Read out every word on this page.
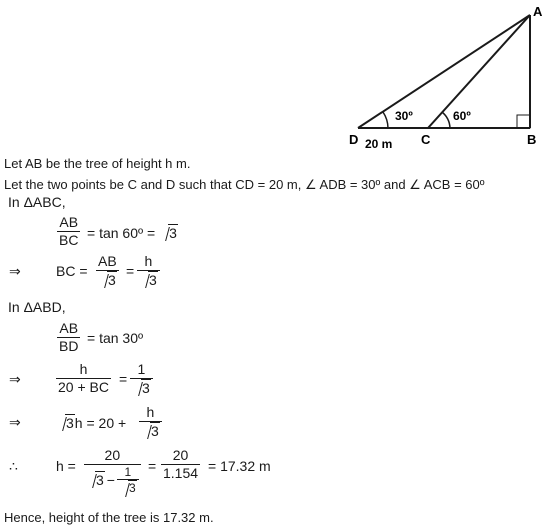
A
B
C
D
30º	60º
20 m
Let AB be the tree of height h m.
Let the two points be C and D such that CD = 20 m, ∠ ADB = 30º and ∠ ACB = 60º
In ΔABC,
AB
BC = tan 60º = 3
⇒	BC =
AB
3
=
h
3
In ΔABD,
AB
BD = tan 30º
⇒
h
20 + BC =
1
3
⇒	3h = 20 +
h
3
∴	h =
20
$3 - \frac{1}{3}$ =
20
1.154 = 17.32 m
Hence, height of the tree is 17.32 m.
